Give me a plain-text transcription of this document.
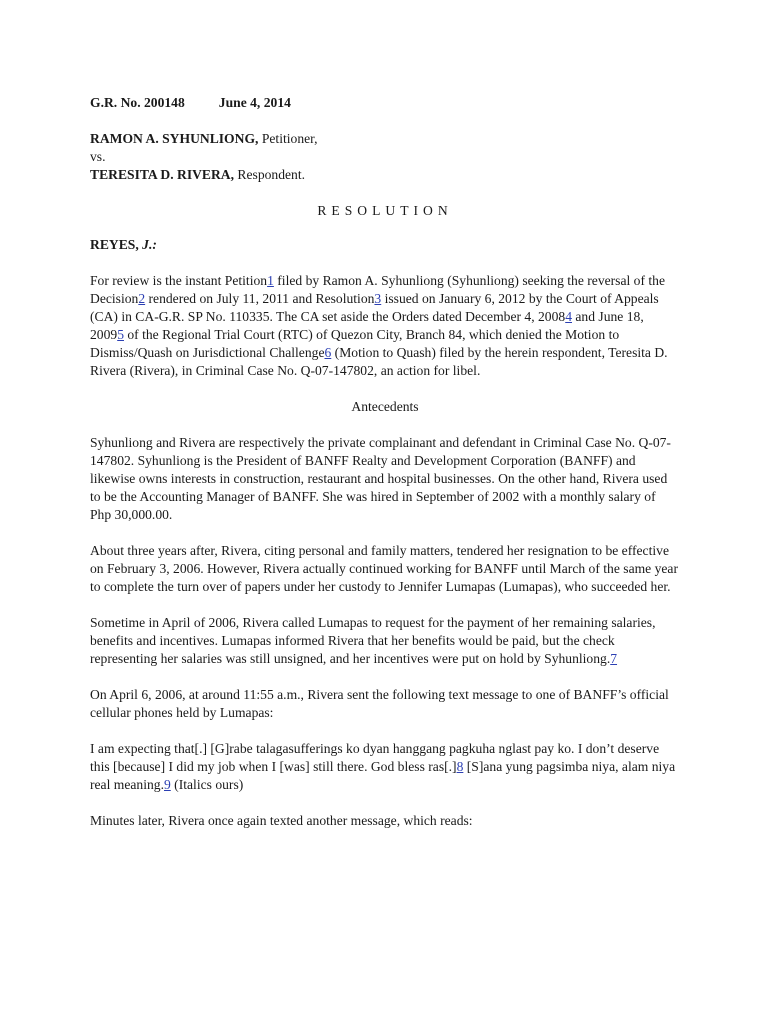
G.R. No. 200148	June 4, 2014

RAMON A. SYHUNLIONG, Petitioner,

vs.

TERESITA D. RIVERA, Respondent.

RESOLUTION

REYES, J.:

For review is the instant Petition1 filed by Ramon A. Syhunliong (Syhunliong) seeking the reversal of the Decision2 rendered on July 11, 2011 and Resolution3 issued on January 6, 2012 by the Court of Appeals (CA) in CA-G.R. SP No. 110335. The CA set aside the Orders dated December 4, 20084 and June 18, 20095 of the Regional Trial Court (RTC) of Quezon City, Branch 84, which denied the Motion to Dismiss/Quash on Jurisdictional Challenge6 (Motion to Quash) filed by the herein respondent, Teresita D. Rivera (Rivera), in Criminal Case No. Q-07-147802, an action for libel.

Antecedents

Syhunliong and Rivera are respectively the private complainant and defendant in Criminal Case No. Q-07-147802. Syhunliong is the President of BANFF Realty and Development Corporation (BANFF) and likewise owns interests in construction, restaurant and hospital businesses. On the other hand, Rivera used to be the Accounting Manager of BANFF. She was hired in September of 2002 with a monthly salary of Php 30,000.00.

About three years after, Rivera, citing personal and family matters, tendered her resignation to be effective on February 3, 2006. However, Rivera actually continued working for BANFF until March of the same year to complete the turn over of papers under her custody to Jennifer Lumapas (Lumapas), who succeeded her.

Sometime in April of 2006, Rivera called Lumapas to request for the payment of her remaining salaries, benefits and incentives. Lumapas informed Rivera that her benefits would be paid, but the check representing her salaries was still unsigned, and her incentives were put on hold by Syhunliong.7

On April 6, 2006, at around 11:55 a.m., Rivera sent the following text message to one of BANFF’s official cellular phones held by Lumapas:

I am expecting that[.] [G]rabe talagasufferings ko dyan hanggang pagkuha nglast pay ko. I don’t deserve this [because] I did my job when I [was] still there. God bless ras[.]8 [S]ana yung pagsimba niya, alam niya real meaning.9 (Italics ours)

Minutes later, Rivera once again texted another message, which reads:
